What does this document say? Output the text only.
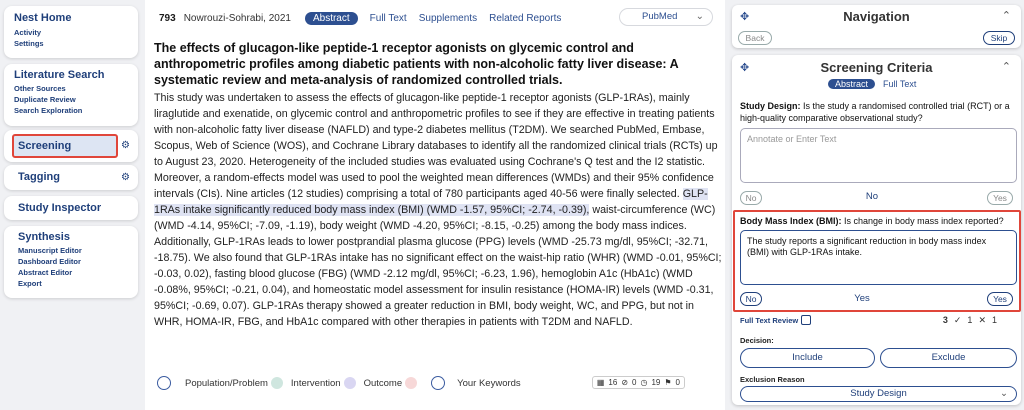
Nest Home
Activity
Settings
Literature Search
Other Sources
Duplicate Review
Search Exploration
Screening	⚙
Tagging	⚙
Study Inspector
Synthesis
Manuscript Editor
Dashboard Editor
Abstract Editor
Export
793 Nowrouzi-Sohrabi, 2021	Abstract	Full Text Supplements Related Reports	PubMed ⌄
The effects of glucagon-like peptide-1 receptor agonists on glycemic control and anthropometric profiles among diabetic patients with non-alcoholic fatty liver disease: A systematic review and meta-analysis of randomized controlled trials.
This study was undertaken to assess the effects of glucagon-like peptide-1 receptor agonists (GLP-1RAs), mainly liraglutide and exenatide, on glycemic control and anthropometric profiles to see if they are effective in treating patients with non-alcoholic fatty liver disease (NAFLD) and type-2 diabetes mellitus (T2DM). We searched PubMed, Embase, Scopus, Web of Science (WOS), and Cochrane Library databases to identify all the randomized clinical trials (RCTs) up to August 23, 2020. Heterogeneity of the included studies was evaluated using Cochrane's Q test and the I2 statistic. Moreover, a random-effects model was used to pool the weighted mean differences (WMDs) and their 95% confidence intervals (CIs). Nine articles (12 studies) comprising a total of 780 participants aged 40-56 were finally selected. GLP-1RAs intake significantly reduced body mass index (BMI) (WMD -1.57, 95%CI; -2.74, -0.39), waist-circumference (WC) (WMD -4.14, 95%CI; -7.09, -1.19), body weight (WMD -4.20, 95%CI; -8.15, -0.25) among the body mass indices. Additionally, GLP-1RAs leads to lower postprandial plasma glucose (PPG) levels (WMD -25.73 mg/dl, 95%CI; -32.71, -18.75). We also found that GLP-1RAs intake has no significant effect on the waist-hip ratio (WHR) (WMD -0.01, 95%CI; -0.03, 0.02), fasting blood glucose (FBG) (WMD -2.12 mg/dl, 95%CI; -6.23, 1.96), hemoglobin A1c (HbA1c) (WMD -0.08%, 95%CI; -0.21, 0.04), and homeostatic model assessment for insulin resistance (HOMA-IR) levels (WMD -0.31, 95%CI; -0.69, 0.07). GLP-1RAs therapy showed a greater reduction in BMI, body weight, WC, and PPG, but not in WHR, HOMA-IR, FBG, and HbA1c compared with other therapies in patients with T2DM and NAFLD.
Population/Problem Intervention Outcome	Your Keywords	▦ 16 ⊘ 0 ◷ 19 ⚑ 0
✥	Navigation	⌃
Back	Skip
✥	Screening Criteria	⌃
Abstract	Full Text
Study Design: Is the study a randomised controlled trial (RCT) or a high-quality comparative observational study?
Annotate or Enter Text
No	No	Yes
Body Mass Index (BMI): Is change in body mass index reported?
The study reports a significant reduction in body mass index (BMI) with GLP-1RAs intake.
No	Yes	Yes
Full Text Review	3 ✓ 1 ✕ 1
Decision:
Include	Exclude
Exclusion Reason
Study Design	⌄
